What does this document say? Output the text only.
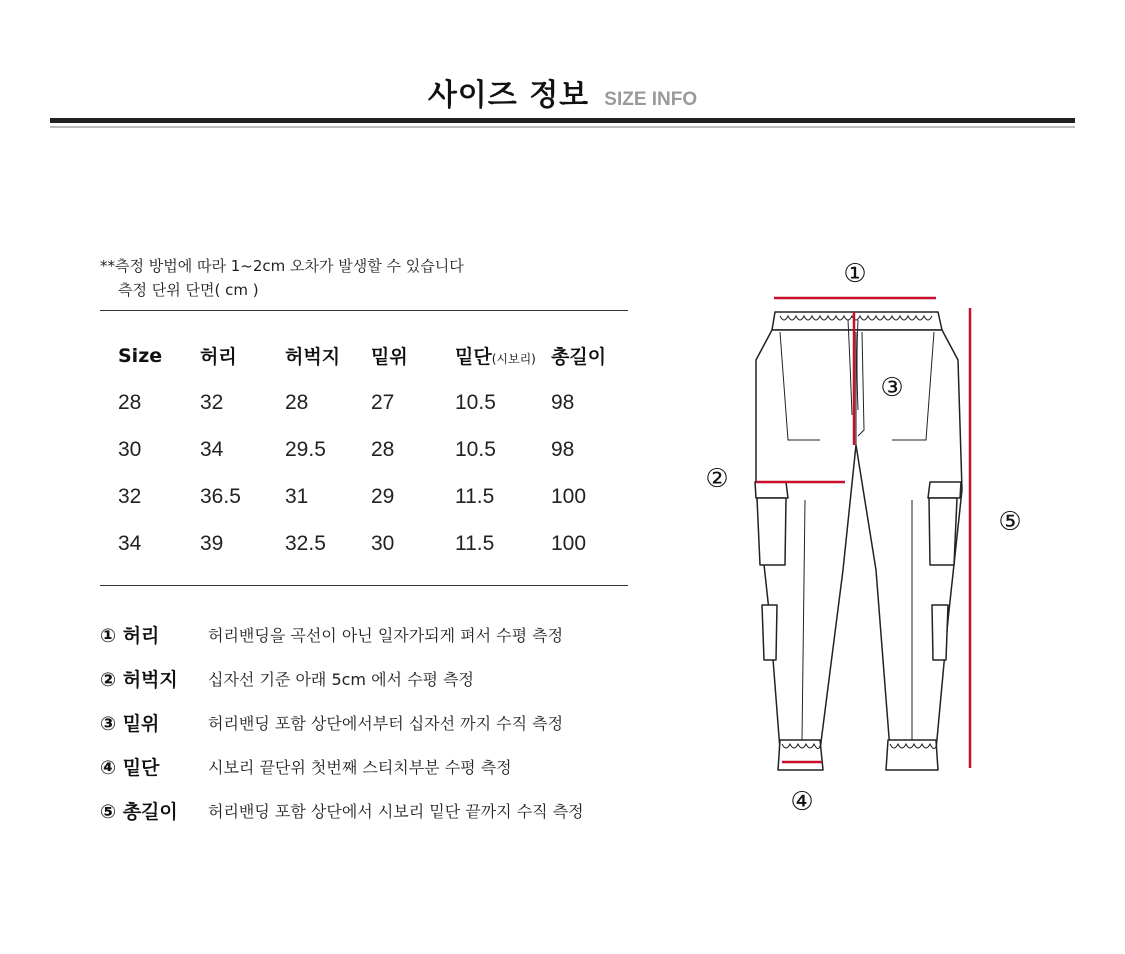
사이즈 정보 SIZE INFO
**측정 방법에 따라 1~2cm 오차가 발생할 수 있습니다
측정 단위 단면( cm )
Size	허리	허벅지	밑위	밑단(시보리)	총길이
28	32	28	27	10.5	98
30	34	29.5	28	10.5	98
32	36.5	31	29	11.5	100
34	39	32.5	30	11.5	100
① 허리	허리밴딩을 곡선이 아닌 일자가되게 펴서 수평 측정
② 허벅지	십자선 기준 아래 5cm 에서 수평 측정
③ 밑위	허리밴딩 포함 상단에서부터 십자선 까지 수직 측정
④ 밑단	시보리 끝단위 첫번째 스티치부분 수평 측정
⑤ 총길이	허리밴딩 포함 상단에서 시보리 밑단 끝까지 수직 측정
①
②
③
④
⑤
